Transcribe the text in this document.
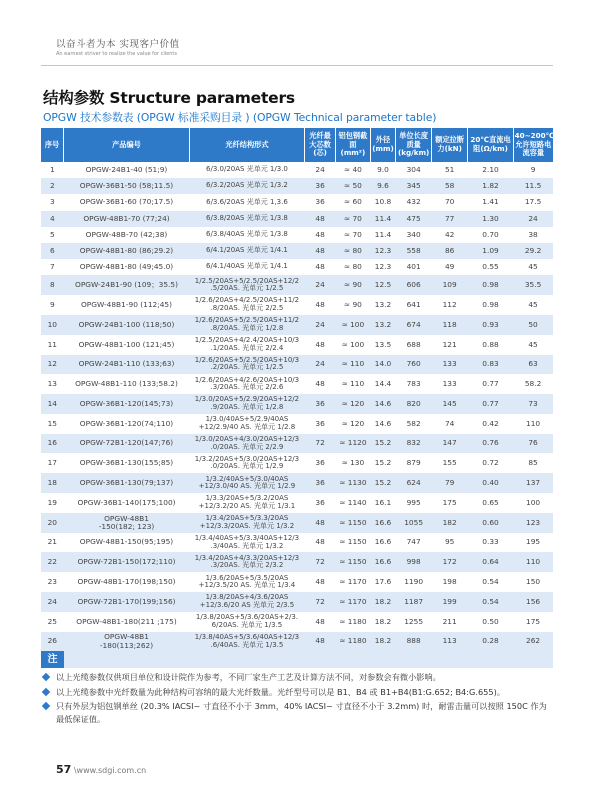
以奋斗者为本 实现客户价值
An earnest striver to realize the value for clients
结构参数 Structure parameters
OPGW 技术参数表 (OPGW 标准采购目录 ) (OPGW Technical parameter table)
序号	产品编号	光纤结构形式	光纤最大芯数(芯)	铝包钢截面(mm²)	外径(mm)	单位长度质量(kg/km)	额定拉断力(kN)	20℃直流电阻(Ω/km)	40~200℃允许短路电流容量
1	OPGW-24B1-40 (51;9)	6/3.0/20AS 光单元 1/3.0	24	≈ 40	9.0	304	51	2.10	9
2	OPGW-36B1-50 (58;11.5)	6/3.2/20AS 光单元 1/3.2	36	≈ 50	9.6	345	58	1.82	11.5
3	OPGW-36B1-60 (70;17.5)	6/3.6/20AS 光单元 1,3.6	36	≈ 60	10.8	432	70	1.41	17.5
4	OPGW-48B1-70 (77;24)	6/3.8/20AS 光单元 1/3.8	48	≈ 70	11.4	475	77	1.30	24
5	OPGW-48B-70 (42;38)	6/3.8/40AS 光单元 1/3.8	48	≈ 70	11.4	340	42	0.70	38
6	OPGW-48B1-80 (86;29.2)	6/4.1/20AS 光单元 1/4.1	48	≈ 80	12.3	558	86	1.09	29.2
7	OPGW-48B1-80 (49;45.0)	6/4.1/40AS 光单元 1/4.1	48	≈ 80	12.3	401	49	0.55	45
8	OPGW-24B1-90 (109；35.5)	1/2.5/20AS+5/2.5/20AS+12/2
.5/20AS. 光单元 1/2.5	24	≈ 90	12.5	606	109	0.98	35.5
9	OPGW-48B1-90 (112;45)	1/2.6/20AS+4/2.5/20AS+11/2
.8/20AS. 光单元 2/2.5	48	≈ 90	13.2	641	112	0.98	45
10	OPGW-24B1-100 (118;50)	1/2.6/20AS+5/2.5/20AS+11/2
.8/20AS. 光单元 1/2.8	24	≈ 100	13.2	674	118	0.93	50
11	OPGW-48B1-100 (121;45)	1/2.5/20AS+4/2.4/20AS+10/3
.1/20AS. 光单元 2/2.4	48	≈ 100	13.5	688	121	0.88	45
12	OPGW-24B1-110 (133;63)	1/2.6/20AS+5/2.5/20AS+10/3
.2/20AS. 光单元 1/2.5	24	≈ 110	14.0	760	133	0.83	63
13	OPGW-48B1-110 (133;58.2)	1/2.6/20AS+4/2.6/20AS+10/3
.3/20AS. 光单元 2/2.6	48	≈ 110	14.4	783	133	0.77	58.2
14	OPGW-36B1-120(145;73)	1/3.0/20AS+5/2.9/20AS+12/2
.9/20AS. 光单元 1/2.8	36	≈ 120	14.6	820	145	0.77	73
15	OPGW-36B1-120(74;110)	1/3.0/40AS+5/2.9/40AS
+12/2.9/40 AS. 光单元 1/2.8	36	≈ 120	14.6	582	74	0.42	110
16	OPGW-72B1-120(147;76)	1/3.0/20AS+4/3.0/20AS+12/3
.0/20AS. 光单元 2/2.9	72	≈ 1120	15.2	832	147	0.76	76
17	OPGW-36B1-130(155;85)	1/3.2/20AS+5/3.0/20AS+12/3
.0/20AS. 光单元 1/2.9	36	≈ 130	15.2	879	155	0.72	85
18	OPGW-36B1-130(79;137)	1/3.2/40AS+5/3.0/40AS
+12/3.0/40 AS. 光单元 1/2.9	36	≈ 1130	15.2	624	79	0.40	137
19	OPGW-36B1-140(175;100)	1/3.3/20AS+5/3.2/20AS
+12/3.2/20 AS. 光单元 1/3.1	36	≈ 1140	16.1	995	175	0.65	100
20	OPGW-48B1
-150(182; 123)	1/3.4/20AS+5/3.3/20AS
+12/3.3/20AS. 光单元 1/3.2	48	≈ 1150	16.6	1055	182	0.60	123
21	OPGW-48B1-150(95;195)	1/3.4/40AS+5/3.3/40AS+12/3
.3/40AS. 光单元 1/3.2	48	≈ 1150	16.6	747	95	0.33	195
22	OPGW-72B1-150(172;110)	1/3.4/20AS+4/3.3/20AS+12/3
.3/20AS. 光单元 2/3.2	72	≈ 1150	16.6	998	172	0.64	110
23	OPGW-48B1-170(198;150)	1/3.6/20AS+5/3.5/20AS
+12/3.5/20 AS. 光单元 1/3.4	48	≈ 1170	17.6	1190	198	0.54	150
24	OPGW-72B1-170(199;156)	1/3.8/20AS+4/3.6/20AS
+12/3.6/20 AS 光单元 2/3.5	72	≈ 1170	18.2	1187	199	0.54	156
25	OPGW-48B1-180(211 ;175)	1/3.8/20AS+5/3.6/20AS+2/3.
6/20AS. 光单元 1/3.5	48	≈ 1180	18.2	1255	211	0.50	175
26	OPGW-48B1
-180(113;262)	1/3.8/40AS+5/3.6/40AS+12/3
.6/40AS. 光单元 1/3.5	48	≈ 1180	18.2	888	113	0.28	262
注
以上光缆参数仅供项目单位和设计院作为参考，不同厂家生产工艺及计算方法不同，对参数会有微小影响。
以上光缆参数中光纤数量为此种结构可容纳的最大光纤数量。光纤型号可以是 B1、B4 或 B1+B4(B1:G.652; B4:G.655)。
只有外层为铝包钢单丝 (20.3% IACSI~ 寸直径不小于 3mm，40% IACSI~ 寸直径不小于 3.2mm) 时，耐雷击量可以按照 150C 作为最低保证值。
57 \www.sdgi.com.cn
